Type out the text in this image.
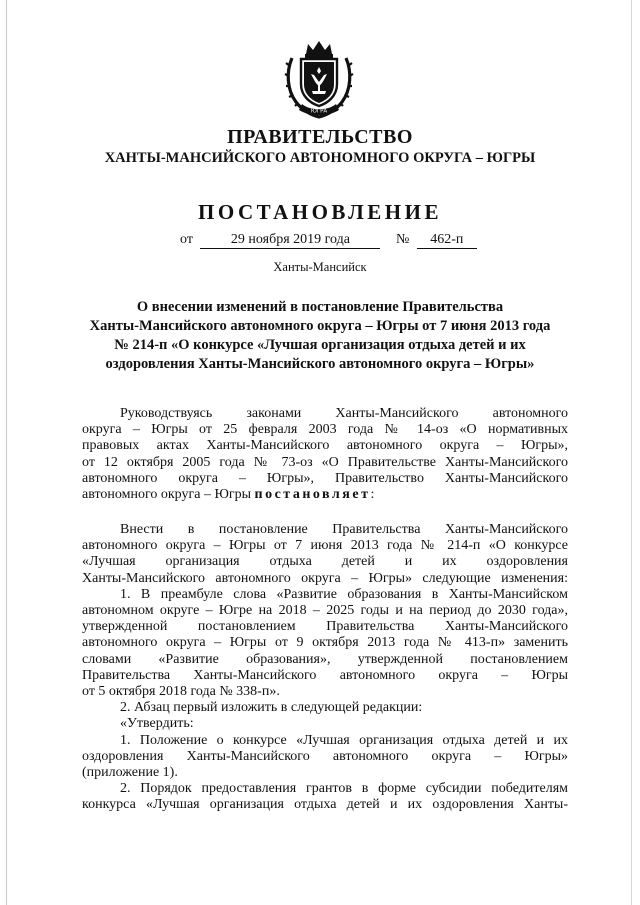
ЮГРА
ПРАВИТЕЛЬСТВО
ХАНТЫ-МАНСИЙСКОГО АВТОНОМНОГО ОКРУГА – ЮГРЫ
ПОСТАНОВЛЕНИЕ
от	29 ноября 2019 года	№ 462-п
Ханты-Мансийск
О внесении изменений в постановление Правительства
Ханты-Мансийского автономного округа – Югры от 7 июня 2013 года
№ 214-п «О конкурсе «Лучшая организация отдыха детей и их
оздоровления Ханты-Мансийского автономного округа – Югры»
Руководствуясь законами Ханты-Мансийского автономного
округа – Югры от 25 февраля 2003 года № 14-оз «О нормативных
правовых актах Ханты-Мансийского автономного округа – Югры»,
от 12 октября 2005 года № 73-оз «О Правительстве Ханты-Мансийского
автономного округа – Югры», Правительство Ханты-Мансийского
автономного округа – Югры постановляет:
Внести в постановление Правительства Ханты-Мансийского
автономного округа – Югры от 7 июня 2013 года № 214-п «О конкурсе
«Лучшая организация отдыха детей и их оздоровления
Ханты-Мансийского автономного округа – Югры» следующие изменения:
1. В преамбуле слова «Развитие образования в Ханты-Мансийском
автономном округе – Югре на 2018 – 2025 годы и на период до 2030 года»,
утвержденной постановлением Правительства Ханты-Мансийского
автономного округа – Югры от 9 октября 2013 года № 413-п» заменить
словами «Развитие образования», утвержденной постановлением
Правительства Ханты-Мансийского автономного округа – Югры
от 5 октября 2018 года № 338-п».
2. Абзац первый изложить в следующей редакции:
«Утвердить:
1. Положение о конкурсе «Лучшая организация отдыха детей и их
оздоровления Ханты-Мансийского автономного округа – Югры»
(приложение 1).
2. Порядок предоставления грантов в форме субсидии победителям
конкурса «Лучшая организация отдыха детей и их оздоровления Ханты-
